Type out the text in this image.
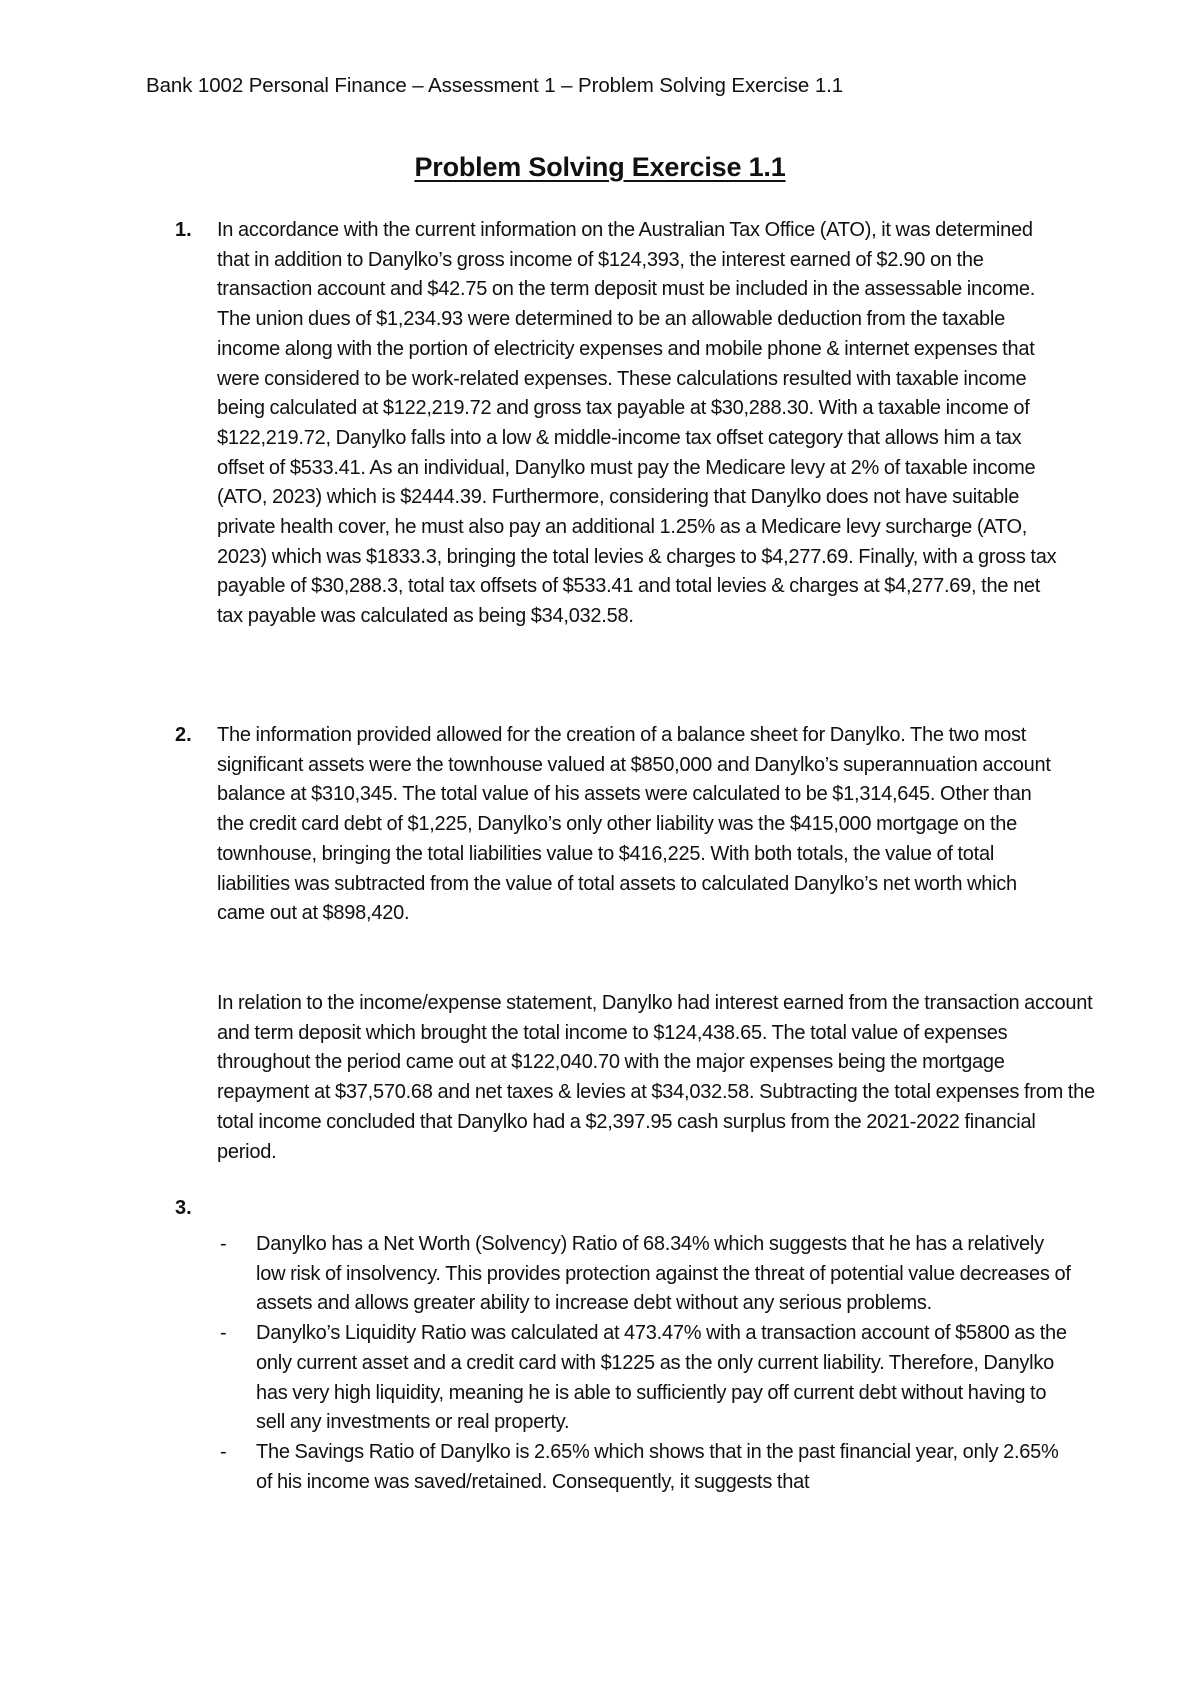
Bank 1002 Personal Finance – Assessment 1 – Problem Solving Exercise 1.1
Problem Solving Exercise 1.1
1. In accordance with the current information on the Australian Tax Office (ATO), it was determined that in addition to Danylko’s gross income of $124,393, the interest earned of $2.90 on the transaction account and $42.75 on the term deposit must be included in the assessable income. The union dues of $1,234.93 were determined to be an allowable deduction from the taxable income along with the portion of electricity expenses and mobile phone & internet expenses that were considered to be work-related expenses. These calculations resulted with taxable income being calculated at $122,219.72 and gross tax payable at $30,288.30. With a taxable income of $122,219.72, Danylko falls into a low & middle-income tax offset category that allows him a tax offset of $533.41. As an individual, Danylko must pay the Medicare levy at 2% of taxable income (ATO, 2023) which is $2444.39. Furthermore, considering that Danylko does not have suitable private health cover, he must also pay an additional 1.25% as a Medicare levy surcharge (ATO, 2023) which was $1833.3, bringing the total levies & charges to $4,277.69. Finally, with a gross tax payable of $30,288.3, total tax offsets of $533.41 and total levies & charges at $4,277.69, the net tax payable was calculated as being $34,032.58.

2. The information provided allowed for the creation of a balance sheet for Danylko. The two most significant assets were the townhouse valued at $850,000 and Danylko’s superannuation account balance at $310,345. The total value of his assets were calculated to be $1,314,645. Other than the credit card debt of $1,225, Danylko’s only other liability was the $415,000 mortgage on the townhouse, bringing the total liabilities value to $416,225. With both totals, the value of total liabilities was subtracted from the value of total assets to calculated Danylko’s net worth which came out at $898,420.

In relation to the income/expense statement, Danylko had interest earned from the transaction account and term deposit which brought the total income to $124,438.65. The total value of expenses throughout the period came out at $122,040.70 with the major expenses being the mortgage repayment at $37,570.68 and net taxes & levies at $34,032.58. Subtracting the total expenses from the total income concluded that Danylko had a $2,397.95 cash surplus from the 2021-2022 financial period.

3.
- Danylko has a Net Worth (Solvency) Ratio of 68.34% which suggests that he has a relatively low risk of insolvency. This provides protection against the threat of potential value decreases of assets and allows greater ability to increase debt without any serious problems.
- Danylko’s Liquidity Ratio was calculated at 473.47% with a transaction account of $5800 as the only current asset and a credit card with $1225 as the only current liability. Therefore, Danylko has very high liquidity, meaning he is able to sufficiently pay off current debt without having to sell any investments or real property.
- The Savings Ratio of Danylko is 2.65% which shows that in the past financial year, only 2.65% of his income was saved/retained. Consequently, it suggests that
